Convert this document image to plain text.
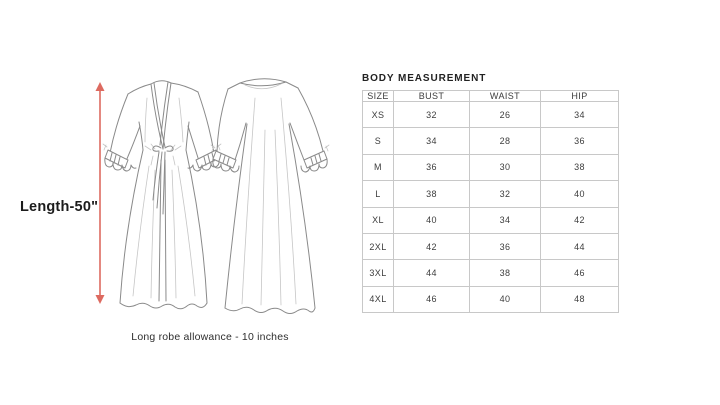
Length-50"
Long robe allowance - 10 inches
BODY MEASUREMENT
SIZE	BUST	WAIST	HIP
XS	32	26	34
S	34	28	36
M	36	30	38
L	38	32	40
XL	40	34	42
2XL	42	36	44
3XL	44	38	46
4XL	46	40	48
